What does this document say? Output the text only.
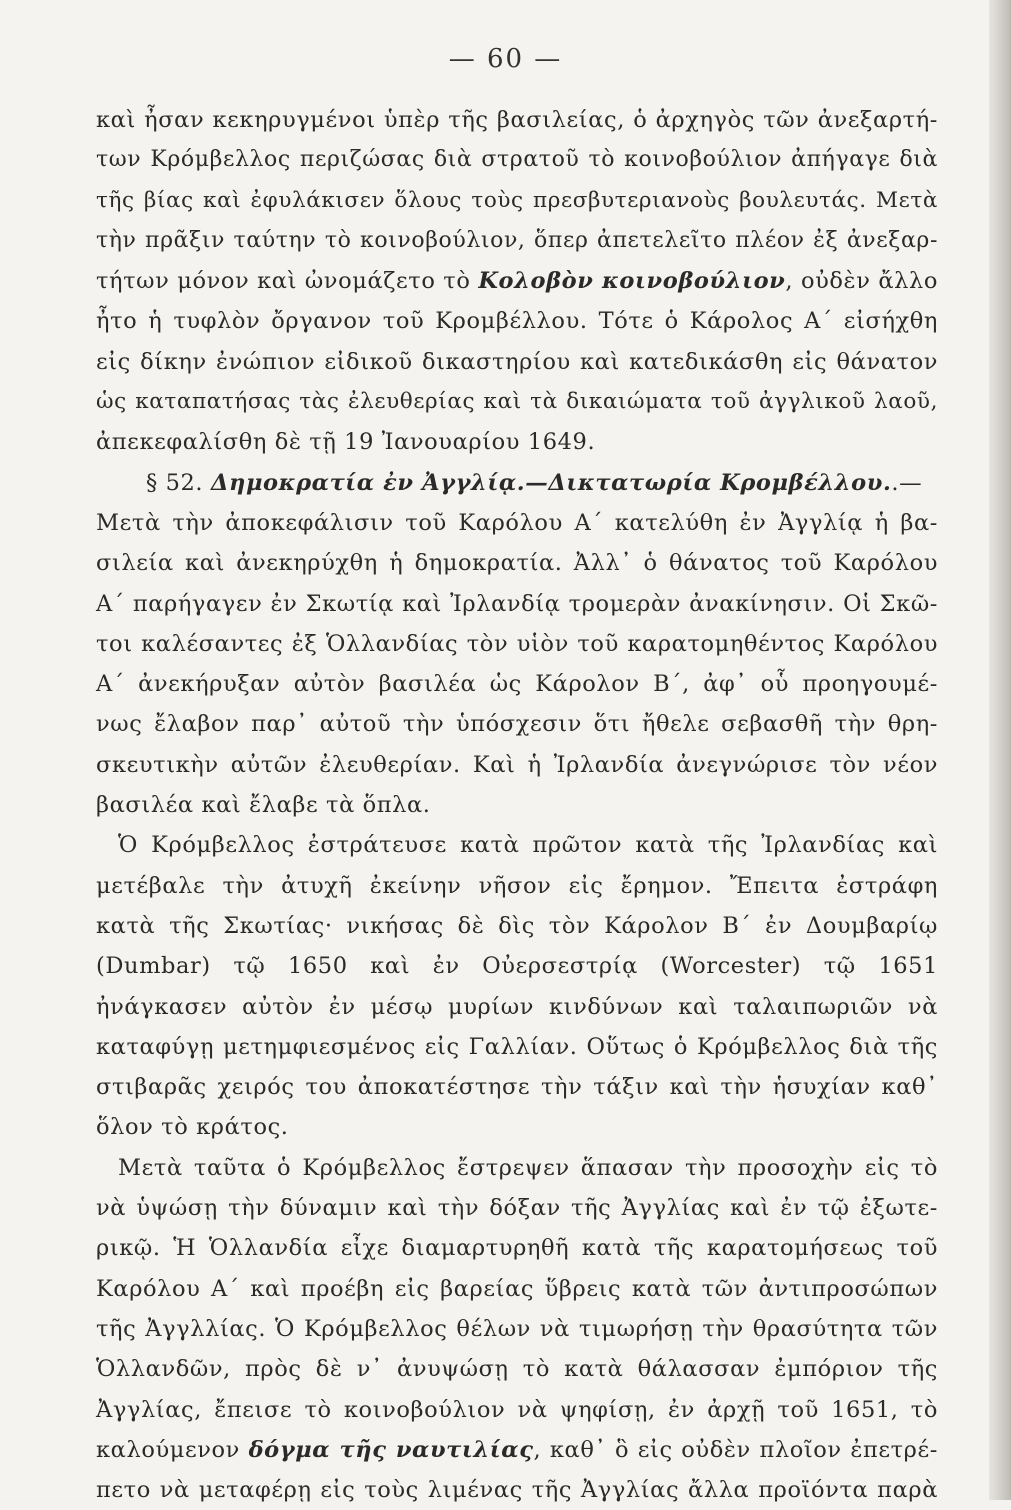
— 60 —
καὶ ἦσαν κεκηρυγμένοι ὑπὲρ τῆς βασιλείας, ὁ ἀρχηγὸς τῶν ἀνεξαρτή-
των Κρόμβελλος περιζώσας διὰ στρατοῦ τὸ κοινοβούλιον ἀπήγαγε διὰ
τῆς βίας καὶ ἐφυλάκισεν ὅλους τοὺς πρεσβυτεριανοὺς βουλευτάς. Μετὰ
τὴν πρᾶξιν ταύτην τὸ κοινοβούλιον, ὅπερ ἀπετελεῖτο πλέον ἐξ ἀνεξαρ-
τήτων μόνον καὶ ὠνομάζετο τὸ Κολοβὸν κοινοβούλιον, οὐδὲν ἄλλο
ἦτο ἡ τυφλὸν ὄργανον τοῦ Κρομβέλλου. Τότε ὁ Κάρολος Α΄ εἰσήχθη
εἰς δίκην ἐνώπιον εἰδικοῦ δικαστηρίου καὶ κατεδικάσθη εἰς θάνατον
ὡς καταπατήσας τὰς ἐλευθερίας καὶ τὰ δικαιώματα τοῦ ἀγγλικοῦ λαοῦ,
ἀπεκεφαλίσθη δὲ τῇ 19 Ἰανουαρίου 1649.
§ 52. Δημοκρατία ἐν Ἀγγλίᾳ.—Δικτατωρία Κρομβέλλου..—
Μετὰ τὴν ἀποκεφάλισιν τοῦ Καρόλου Α΄ κατελύθη ἐν Ἀγγλίᾳ ἡ βα-
σιλεία καὶ ἀνεκηρύχθη ἡ δημοκρατία. Ἀλλ᾽ ὁ θάνατος τοῦ Καρόλου
Α΄ παρήγαγεν ἐν Σκωτίᾳ καὶ Ἰρλανδίᾳ τρομερὰν ἀνακίνησιν. Οἱ Σκῶ-
τοι καλέσαντες ἐξ Ὁλλανδίας τὸν υἱὸν τοῦ καρατομηθέντος Καρόλου
Α΄ ἀνεκήρυξαν αὐτὸν βασιλέα ὡς Κάρολον Β΄, ἀφ᾽ οὗ προηγουμέ-
νως ἔλαβον παρ᾽ αὐτοῦ τὴν ὑπόσχεσιν ὅτι ἤθελε σεβασθῆ τὴν θρη-
σκευτικὴν αὐτῶν ἐλευθερίαν. Καὶ ἡ Ἰρλανδία ἀνεγνώρισε τὸν νέον
βασιλέα καὶ ἔλαβε τὰ ὅπλα.
Ὁ Κρόμβελλος ἐστράτευσε κατὰ πρῶτον κατὰ τῆς Ἰρλανδίας καὶ
μετέβαλε τὴν ἀτυχῆ ἐκείνην νῆσον εἰς ἔρημον. Ἔπειτα ἐστράφη
κατὰ τῆς Σκωτίας· νικήσας δὲ δὶς τὸν Κάρολον Β΄ ἐν Δουμβαρίῳ
(Dumbar) τῷ 1650 καὶ ἐν Οὐερσεστρίᾳ (Worcester) τῷ 1651
ἠνάγκασεν αὐτὸν ἐν μέσῳ μυρίων κινδύνων καὶ ταλαιπωριῶν νὰ
καταφύγῃ μετημφιεσμένος εἰς Γαλλίαν. Οὕτως ὁ Κρόμβελλος διὰ τῆς
στιβαρᾶς χειρός του ἀποκατέστησε τὴν τάξιν καὶ τὴν ἡσυχίαν καθ᾽
ὅλον τὸ κράτος.
Μετὰ ταῦτα ὁ Κρόμβελλος ἔστρεψεν ἅπασαν τὴν προσοχὴν εἰς τὸ
νὰ ὑψώσῃ τὴν δύναμιν καὶ τὴν δόξαν τῆς Ἀγγλίας καὶ ἐν τῷ ἐξωτε-
ρικῷ. Ἡ Ὁλλανδία εἶχε διαμαρτυρηθῆ κατὰ τῆς καρατομήσεως τοῦ
Καρόλου Α΄ καὶ προέβη εἰς βαρείας ὕβρεις κατὰ τῶν ἀντιπροσώπων
τῆς Ἀγγλλίας. Ὁ Κρόμβελλος θέλων νὰ τιμωρήσῃ τὴν θρασύτητα τῶν
Ὁλλανδῶν, πρὸς δὲ ν᾽ ἀνυψώσῃ τὸ κατὰ θάλασσαν ἐμπόριον τῆς
Ἀγγλίας, ἔπεισε τὸ κοινοβούλιον νὰ ψηφίσῃ, ἐν ἀρχῇ τοῦ 1651, τὸ
καλούμενον δόγμα τῆς ναυτιλίας, καθ᾽ ὃ εἰς οὐδὲν πλοῖον ἐπετρέ-
πετο νὰ μεταφέρῃ εἰς τοὺς λιμένας τῆς Ἀγγλίας ἄλλα προϊόντα παρὰ
